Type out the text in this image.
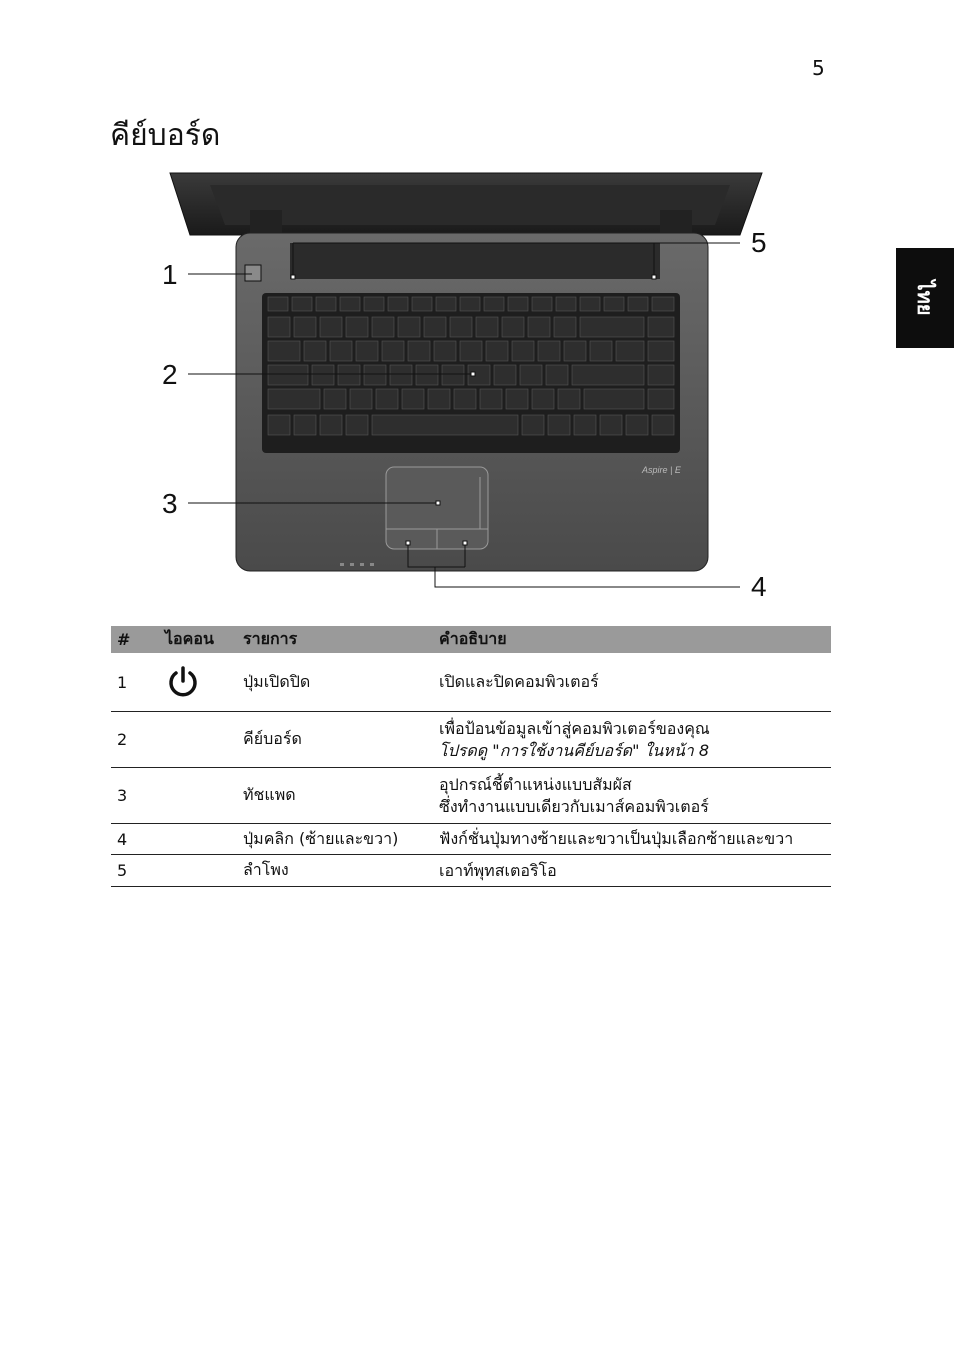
5
ไทย
คีย์บอร์ด
Aspire | E
1
2
3
4
5
#	ไอคอน	รายการ	คำอธิบาย
1		ปุ่มเปิดปิด	เปิดและปิดคอมพิวเตอร์

2		คีย์บอร์ด	เพื่อป้อนข้อมูลเข้าสู่คอมพิวเตอร์ของคุณ
โปรดดู "การใช้งานคีย์บอร์ด" ในหน้า 8

3		ทัชแพด	อุปกรณ์ชี้ตำแหน่งแบบสัมผัส
ซึ่งทำงานแบบเดียวกับเมาส์คอมพิวเตอร์

4		ปุ่มคลิก (ซ้ายและขวา)	ฟังก์ชั่นปุ่มทางซ้ายและขวาเป็นปุ่มเลือกซ้ายและขวา

5		ลำโพง	เอาท์พุทสเตอริโอ
